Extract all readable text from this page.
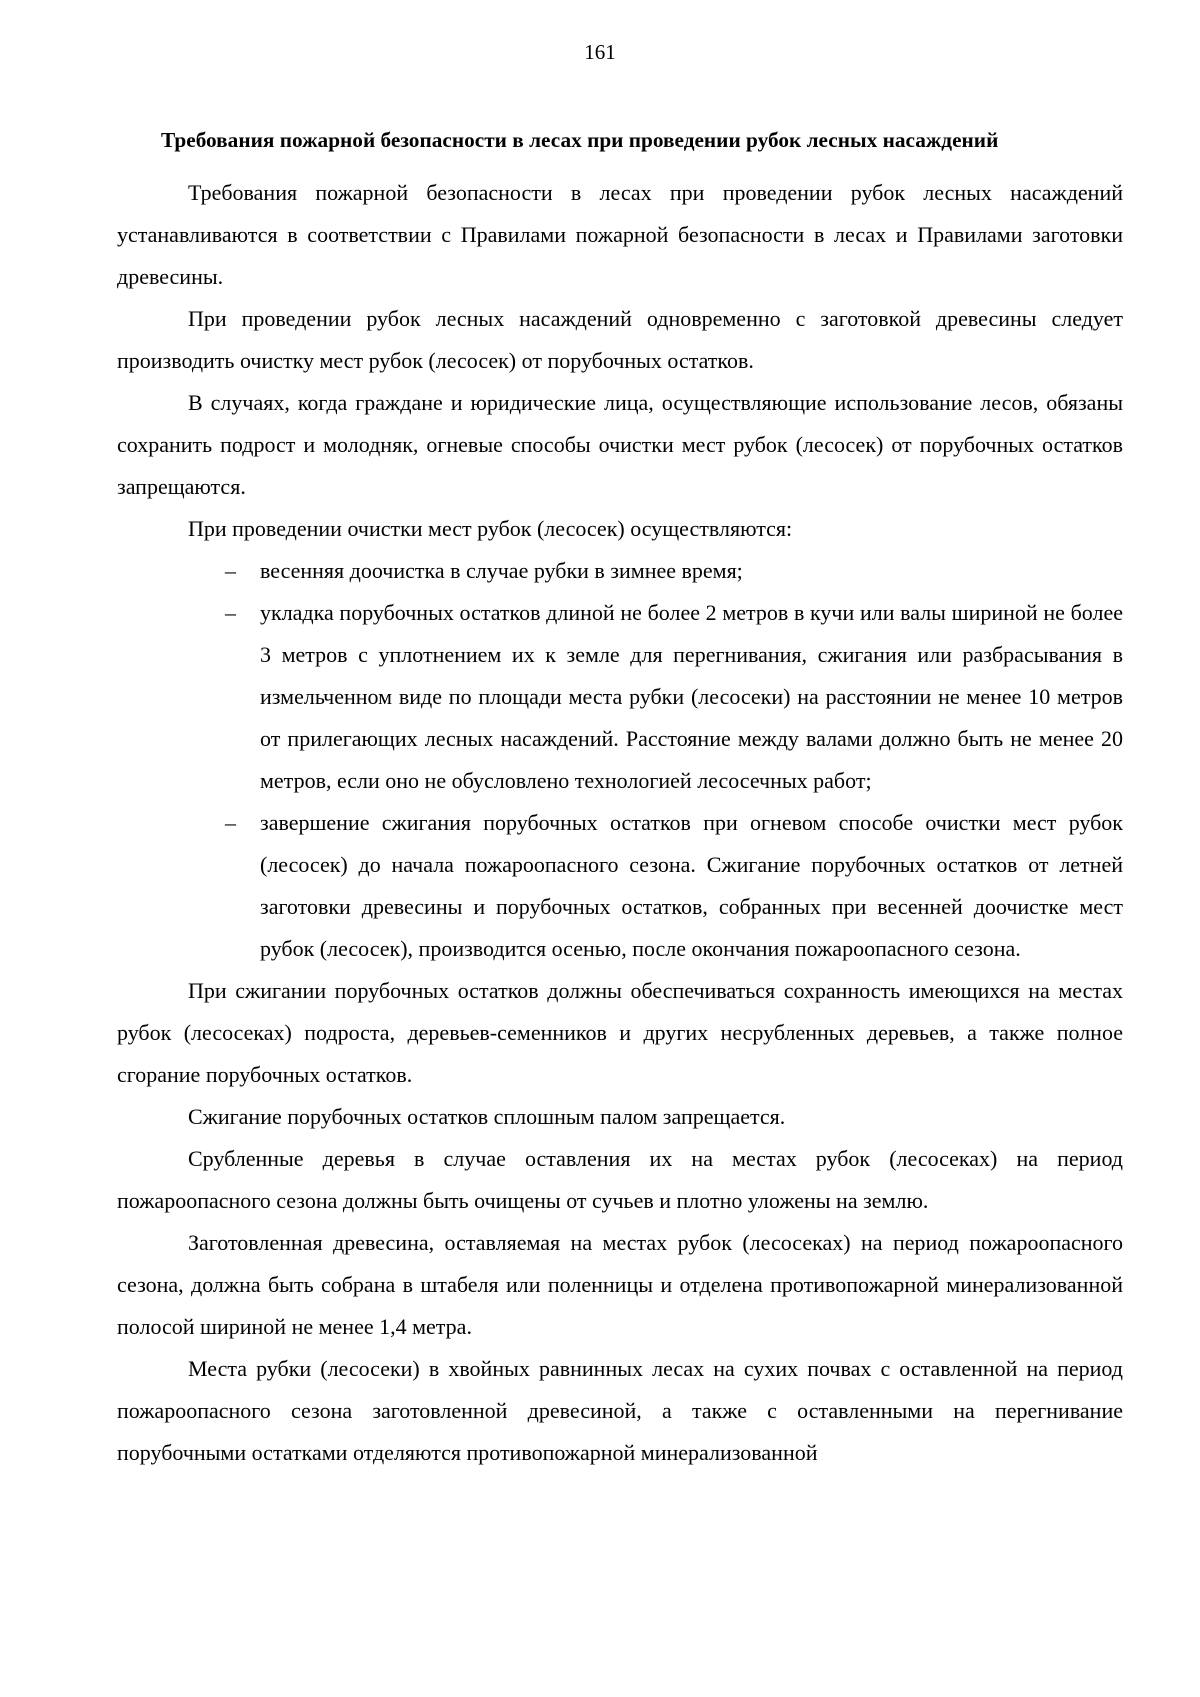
161
Требования пожарной безопасности в лесах при проведении рубок лесных насаждений

Требования пожарной безопасности в лесах при проведении рубок лесных насаждений устанавливаются в соответствии с Правилами пожарной безопасности в лесах и Правилами заготовки древесины.

При проведении рубок лесных насаждений одновременно с заготовкой древесины следует производить очистку мест рубок (лесосек) от порубочных остатков.

В случаях, когда граждане и юридические лица, осуществляющие использование лесов, обязаны сохранить подрост и молодняк, огневые способы очистки мест рубок (лесосек) от порубочных остатков запрещаются.

При проведении очистки мест рубок (лесосек) осуществляются:

– весенняя доочистка в случае рубки в зимнее время;
– укладка порубочных остатков длиной не более 2 метров в кучи или валы шириной не более 3 метров с уплотнением их к земле для перегнивания, сжигания или разбрасывания в измельченном виде по площади места рубки (лесосеки) на расстоянии не менее 10 метров от прилегающих лесных насаждений. Расстояние между валами должно быть не менее 20 метров, если оно не обусловлено технологией лесосечных работ;
– завершение сжигания порубочных остатков при огневом способе очистки мест рубок (лесосек) до начала пожароопасного сезона. Сжигание порубочных остатков от летней заготовки древесины и порубочных остатков, собранных при весенней доочистке мест рубок (лесосек), производится осенью, после окончания пожароопасного сезона.

При сжигании порубочных остатков должны обеспечиваться сохранность имеющихся на местах рубок (лесосеках) подроста, деревьев-семенников и других несрубленных деревьев, а также полное сгорание порубочных остатков.

Сжигание порубочных остатков сплошным палом запрещается.

Срубленные деревья в случае оставления их на местах рубок (лесосеках) на период пожароопасного сезона должны быть очищены от сучьев и плотно уложены на землю.

Заготовленная древесина, оставляемая на местах рубок (лесосеках) на период пожароопасного сезона, должна быть собрана в штабеля или поленницы и отделена противопожарной минерализованной полосой шириной не менее 1,4 метра.

Места рубки (лесосеки) в хвойных равнинных лесах на сухих почвах с оставленной на период пожароопасного сезона заготовленной древесиной, а также с оставленными на перегнивание порубочными остатками отделяются противопожарной минерализованной
